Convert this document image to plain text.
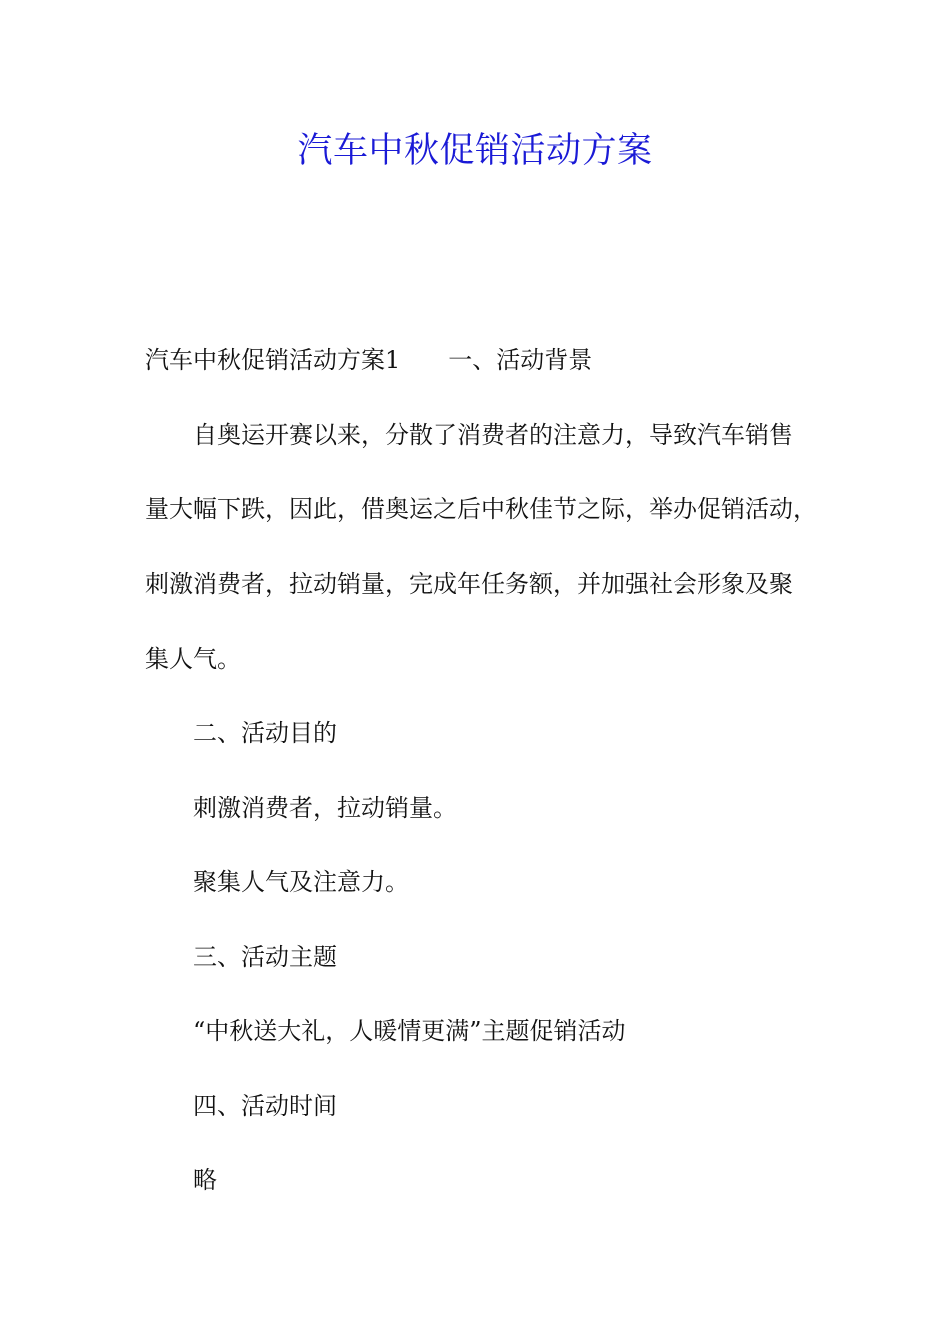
汽车中秋促销活动方案
汽车中秋促销活动方案1 一、活动背景
自奥运开赛以来，分散了消费者的注意力，导致汽车销售
量大幅下跌，因此，借奥运之后中秋佳节之际，举办促销活动，
刺激消费者，拉动销量，完成年任务额，并加强社会形象及聚
集人气。
二、活动目的
刺激消费者，拉动销量。
聚集人气及注意力。
三、活动主题
“中秋送大礼，人暖情更满”主题促销活动
四、活动时间
略
